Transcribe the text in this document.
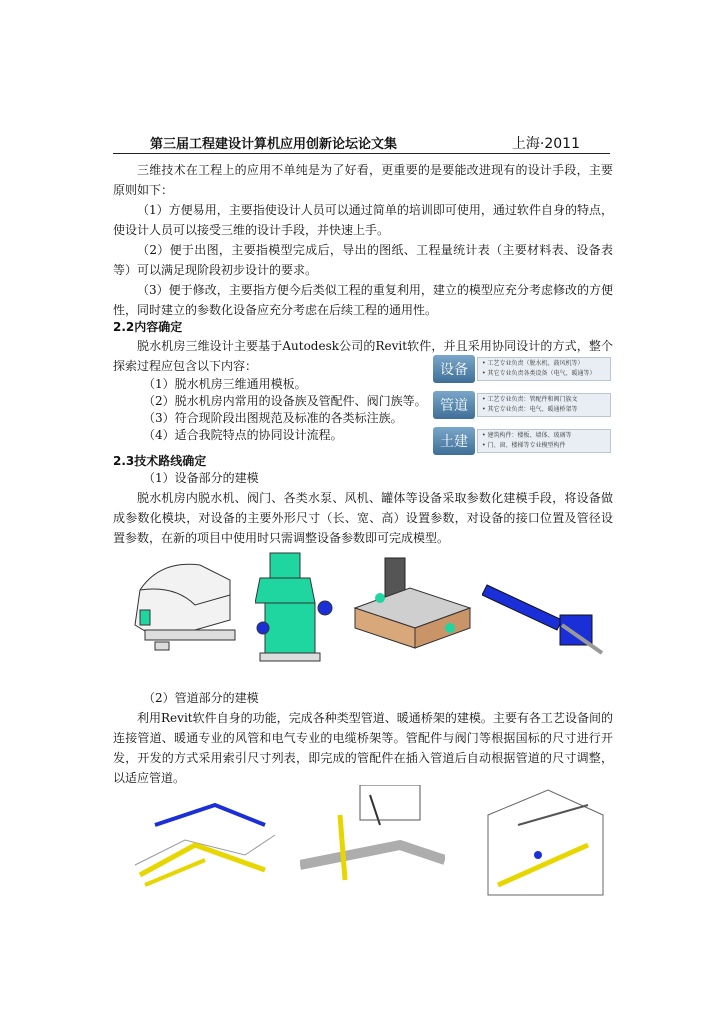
第三届工程建设计算机应用创新论坛论文集	上海·2011
三维技术在工程上的应用不单纯是为了好看，更重要的是要能改进现有的设计手段，主要原则如下：
（1）方便易用，主要指使设计人员可以通过简单的培训即可使用，通过软件自身的特点，使设计人员可以接受三维的设计手段，并快速上手。
（2）便于出图，主要指模型完成后，导出的图纸、工程量统计表（主要材料表、设备表等）可以满足现阶段初步设计的要求。
（3）便于修改，主要指方便今后类似工程的重复利用，建立的模型应充分考虑修改的方便性，同时建立的参数化设备应充分考虑在后续工程的通用性。
2.2内容确定
脱水机房三维设计主要基于Autodesk公司的Revit软件，并且采用协同设计的方式，整个探索过程应包含以下内容：
（1）脱水机房三维通用模板。
（2）脱水机房内常用的设备族及管配件、阀门族等。
（3）符合现阶段出图规范及标准的各类标注族。
（4）适合我院特点的协同设计流程。
设备	• 工艺专业负责（脱水机、鼓风机等）
• 其它专业负责各类设备（电气、暖通等）
管道	• 工艺专业负责：管配件和阀门族文
• 其它专业负责：电气、暖通桥架等
土建	• 建筑构件：楼板、墙体、玻璃等
• 门、窗、楼梯等专业模型构件
2.3技术路线确定
（1）设备部分的建模
脱水机房内脱水机、阀门、各类水泵、风机、罐体等设备采取参数化建模手段，将设备做成参数化模块，对设备的主要外形尺寸（长、宽、高）设置参数，对设备的接口位置及管径设置参数，在新的项目中使用时只需调整设备参数即可完成模型。
（2）管道部分的建模
利用Revit软件自身的功能，完成各种类型管道、暖通桥架的建模。主要有各工艺设备间的连接管道、暖通专业的风管和电气专业的电缆桥架等。管配件与阀门等根据国标的尺寸进行开发，开发的方式采用索引尺寸列表，即完成的管配件在插入管道后自动根据管道的尺寸调整，以适应管道。
